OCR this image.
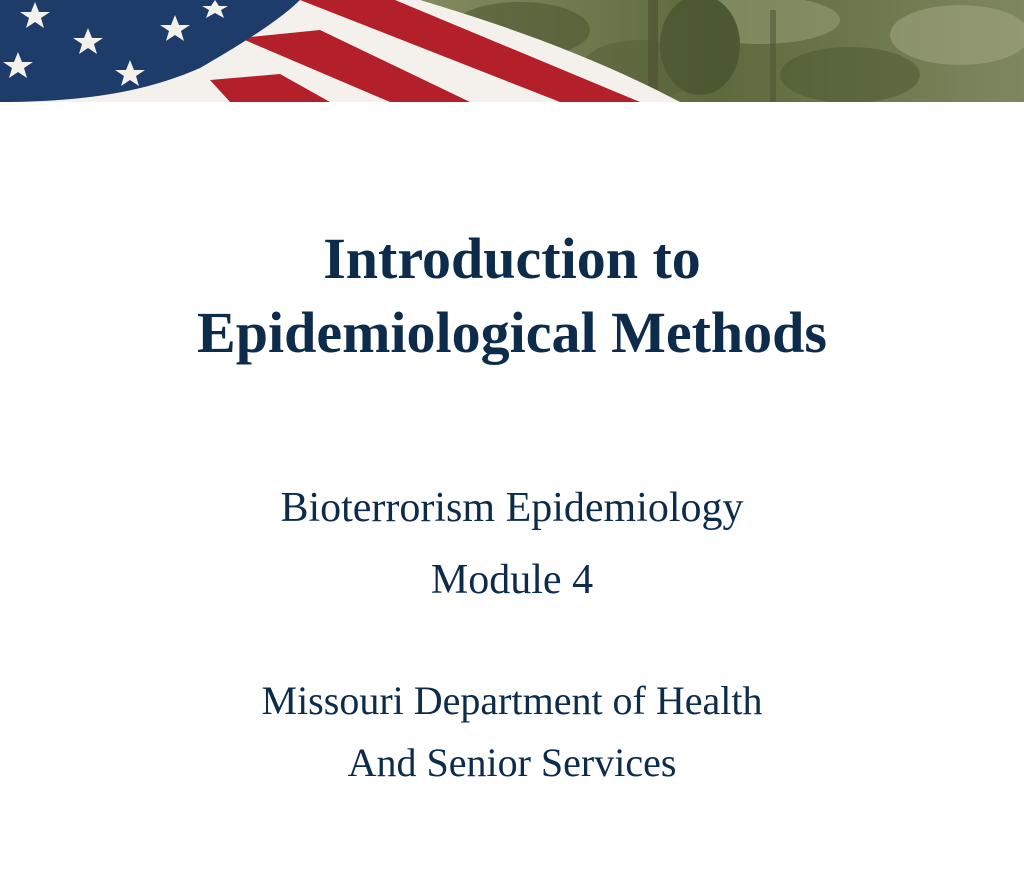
Introduction to
Epidemiological Methods
Bioterrorism Epidemiology
Module 4
Missouri Department of Health
And Senior Services
